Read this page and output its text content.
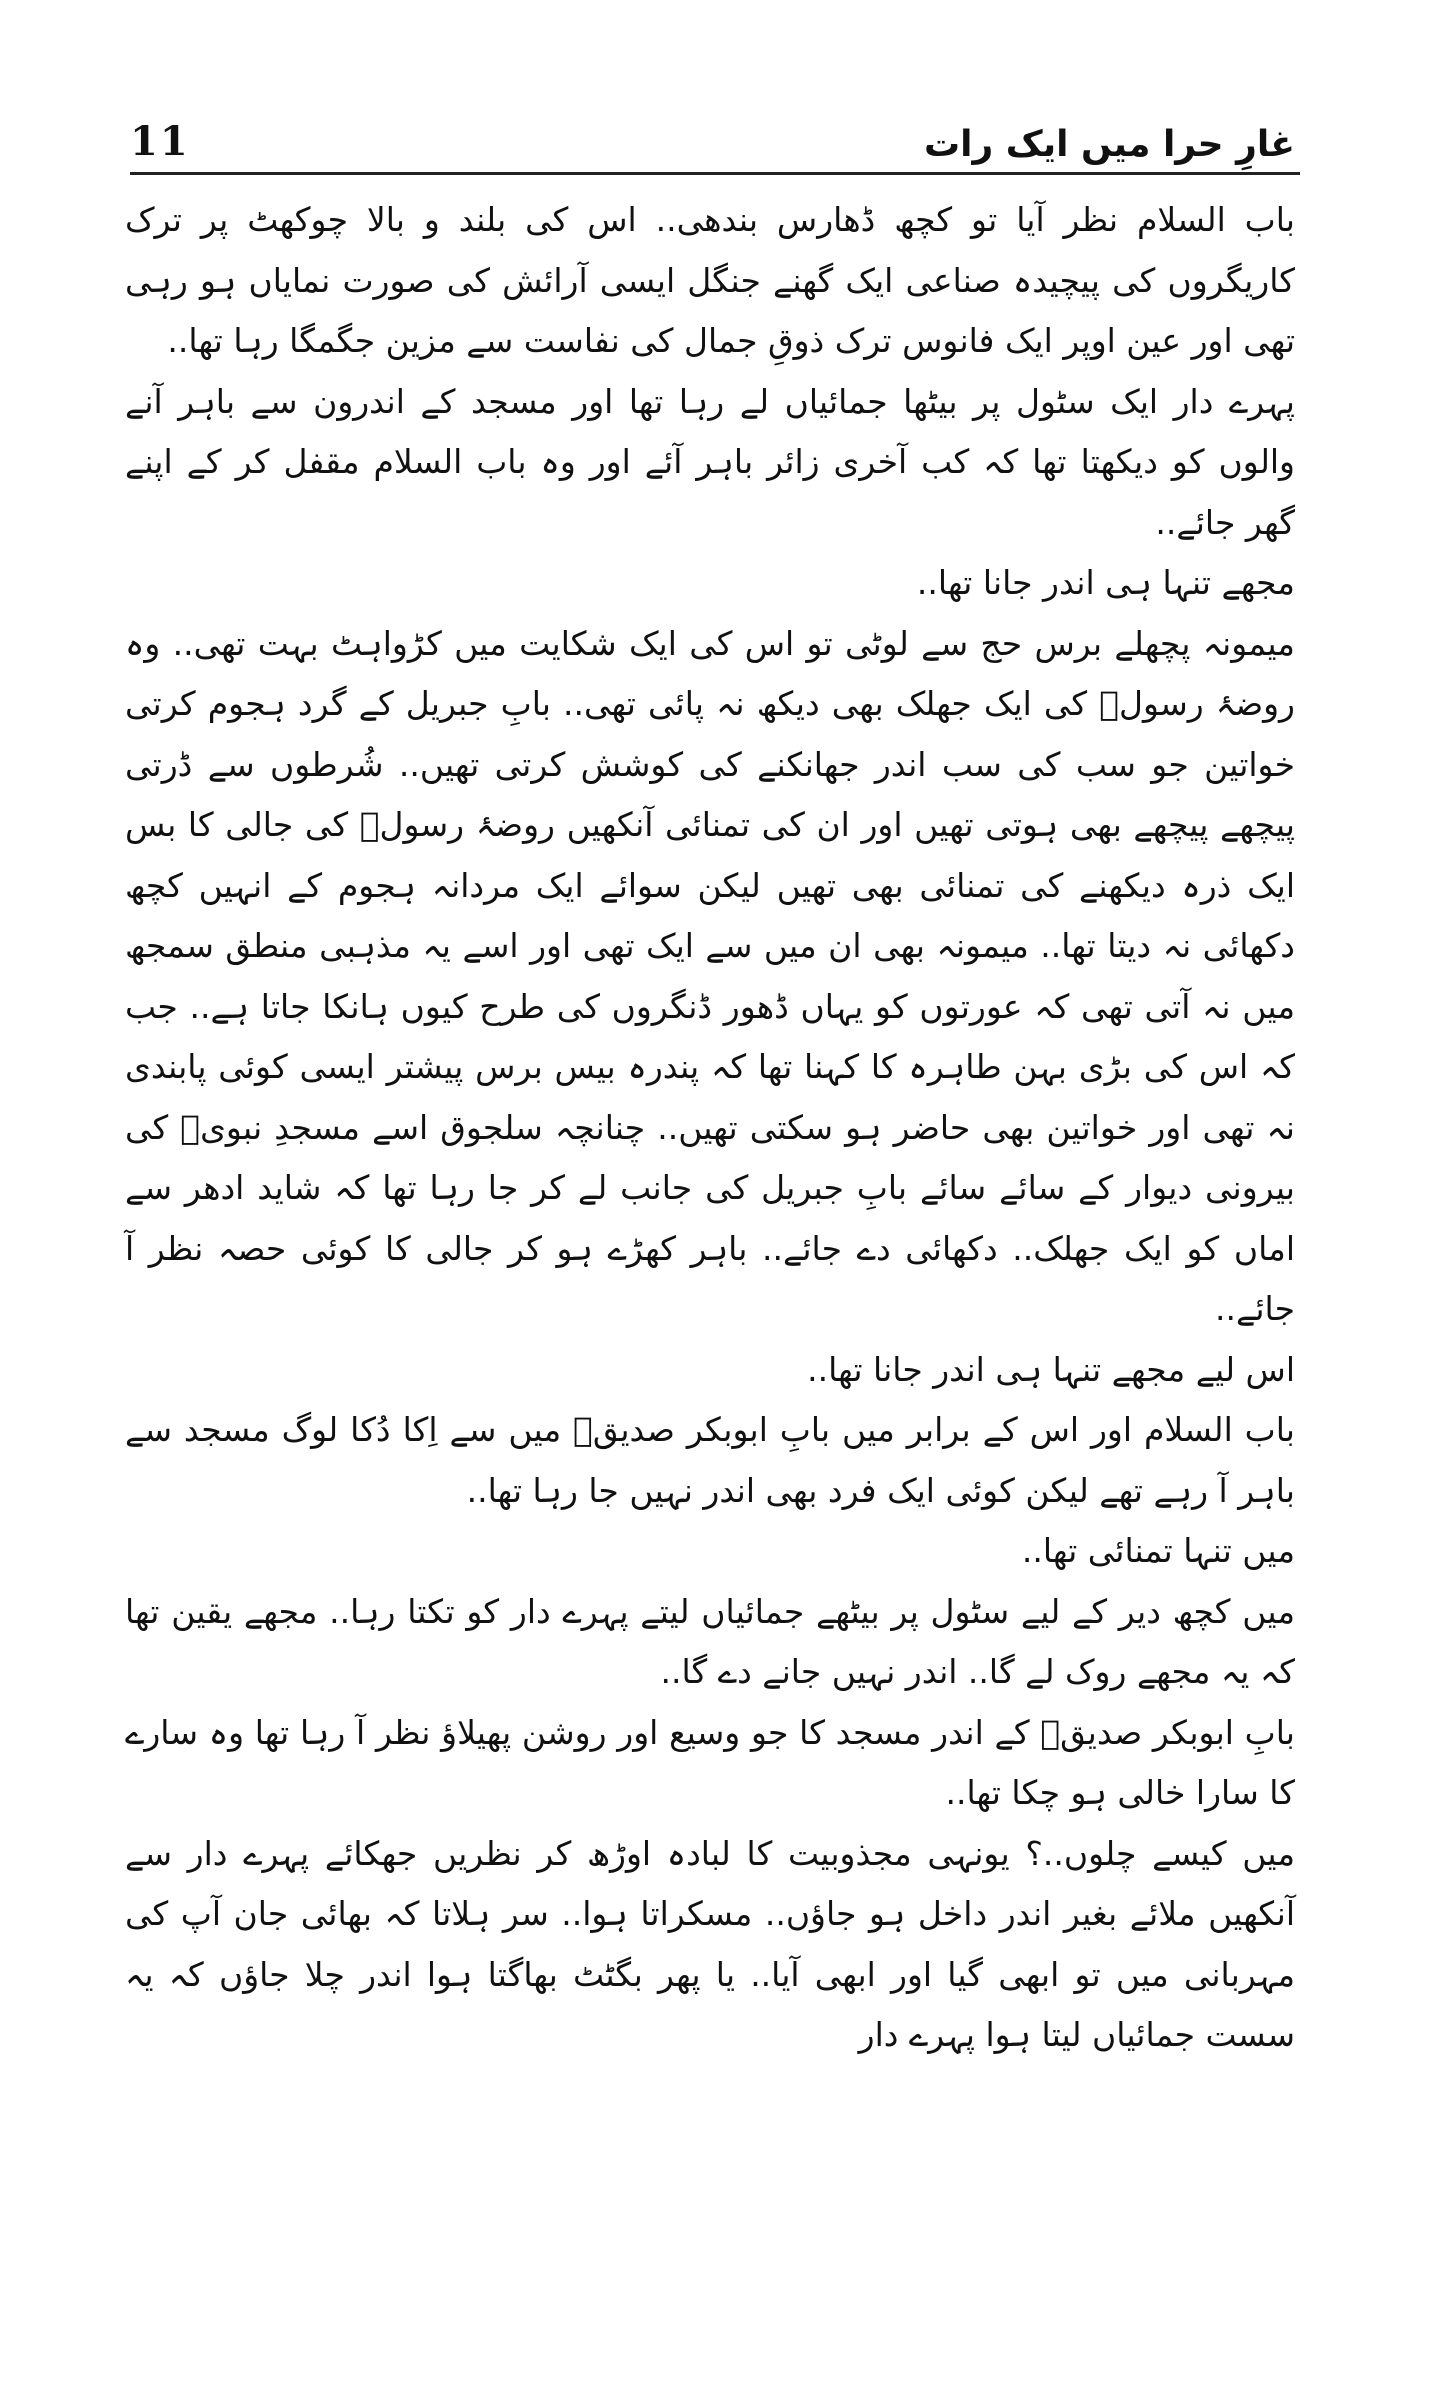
11	غارِ حرا میں ایک رات

باب السلام نظر آیا تو کچھ ڈھارس بندھی.. اس کی بلند و بالا چوکھٹ پر ترک کاریگروں کی پیچیدہ صناعی ایک گھنے جنگل ایسی آرائش کی صورت نمایاں ہو رہی تھی اور عین اوپر ایک فانوس ترک ذوقِ جمال کی نفاست سے مزین جگمگا رہا تھا..

پہرے دار ایک سٹول پر بیٹھا جمائیاں لے رہا تھا اور مسجد کے اندرون سے باہر آنے والوں کو دیکھتا تھا کہ کب آخری زائر باہر آئے اور وہ باب السلام مقفل کر کے اپنے گھر جائے..

مجھے تنہا ہی اندر جانا تھا..

میمونہ پچھلے برس حج سے لوٹی تو اس کی ایک شکایت میں کڑواہٹ بہت تھی.. وہ روضۂ رسولؐ کی ایک جھلک بھی دیکھ نہ پائی تھی.. بابِ جبریل کے گرد ہجوم کرتی خواتین جو سب کی سب اندر جھانکنے کی کوشش کرتی تھیں.. شُرطوں سے ڈرتی پیچھے پیچھے بھی ہوتی تھیں اور ان کی تمنائی آنکھیں روضۂ رسولؐ کی جالی کا بس ایک ذرہ دیکھنے کی تمنائی بھی تھیں لیکن سوائے ایک مردانہ ہجوم کے انہیں کچھ دکھائی نہ دیتا تھا.. میمونہ بھی ان میں سے ایک تھی اور اسے یہ مذہبی منطق سمجھ میں نہ آتی تھی کہ عورتوں کو یہاں ڈھور ڈنگروں کی طرح کیوں ہانکا جاتا ہے.. جب کہ اس کی بڑی بہن طاہرہ کا کہنا تھا کہ پندرہ بیس برس پیشتر ایسی کوئی پابندی نہ تھی اور خواتین بھی حاضر ہو سکتی تھیں.. چنانچہ سلجوق اسے مسجدِ نبویؐ کی بیرونی دیوار کے سائے سائے بابِ جبریل کی جانب لے کر جا رہا تھا کہ شاید ادھر سے اماں کو ایک جھلک.. دکھائی دے جائے.. باہر کھڑے ہو کر جالی کا کوئی حصہ نظر آ جائے..

اس لیے مجھے تنہا ہی اندر جانا تھا..

باب السلام اور اس کے برابر میں بابِ ابوبکر صدیقؓ میں سے اِکا دُکا لوگ مسجد سے باہر آ رہے تھے لیکن کوئی ایک فرد بھی اندر نہیں جا رہا تھا..

میں تنہا تمنائی تھا..

میں کچھ دیر کے لیے سٹول پر بیٹھے جمائیاں لیتے پہرے دار کو تکتا رہا.. مجھے یقین تھا کہ یہ مجھے روک لے گا.. اندر نہیں جانے دے گا..

بابِ ابوبکر صدیقؓ کے اندر مسجد کا جو وسیع اور روشن پھیلاؤ نظر آ رہا تھا وہ سارے کا سارا خالی ہو چکا تھا..

میں کیسے چلوں..؟ یونہی مجذوبیت کا لبادہ اوڑھ کر نظریں جھکائے پہرے دار سے آنکھیں ملائے بغیر اندر داخل ہو جاؤں.. مسکراتا ہوا.. سر ہلاتا کہ بھائی جان آپ کی مہربانی میں تو ابھی گیا اور ابھی آیا.. یا پھر بگٹٹ بھاگتا ہوا اندر چلا جاؤں کہ یہ سست جمائیاں لیتا ہوا پہرے دار
